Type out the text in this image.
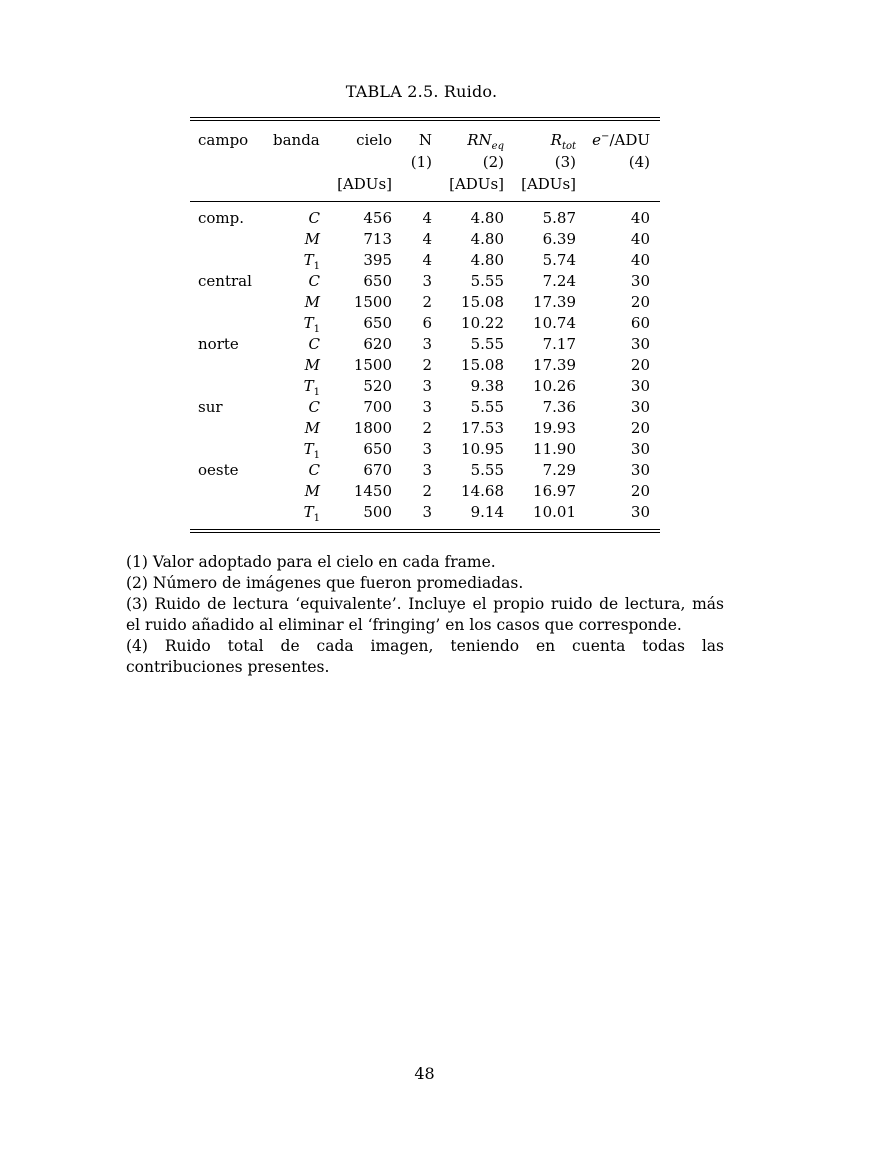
TABLA 2.5. Ruido.
campo	banda	cielo	N	$RN_{eq}$	$R_{tot}$	e−/ADU
			(1)	(2)	(3)	(4)
		[ADUs]		[ADUs]	[ADUs]	
comp.	C	456	4	4.80	5.87	40
	M	713	4	4.80	6.39	40
	$T_1$	395	4	4.80	5.74	40
central	C	650	3	5.55	7.24	30
	M	1500	2	15.08	17.39	20
	$T_1$	650	6	10.22	10.74	60
norte	C	620	3	5.55	7.17	30
	M	1500	2	15.08	17.39	20
	$T_1$	520	3	9.38	10.26	30
sur	C	700	3	5.55	7.36	30
	M	1800	2	17.53	19.93	20
	$T_1$	650	3	10.95	11.90	30
oeste	C	670	3	5.55	7.29	30
	M	1450	2	14.68	16.97	20
	$T_1$	500	3	9.14	10.01	30

(1) Valor adoptado para el cielo en cada frame.

(2) Número de imágenes que fueron promediadas.

(3) Ruido de lectura ‘equivalente’. Incluye el propio ruido de lectura, más el ruido añadido al eliminar el ‘fringing’ en los casos que corresponde.

(4) Ruido total de cada imagen, teniendo en cuenta todas las contribuciones presentes.

48
